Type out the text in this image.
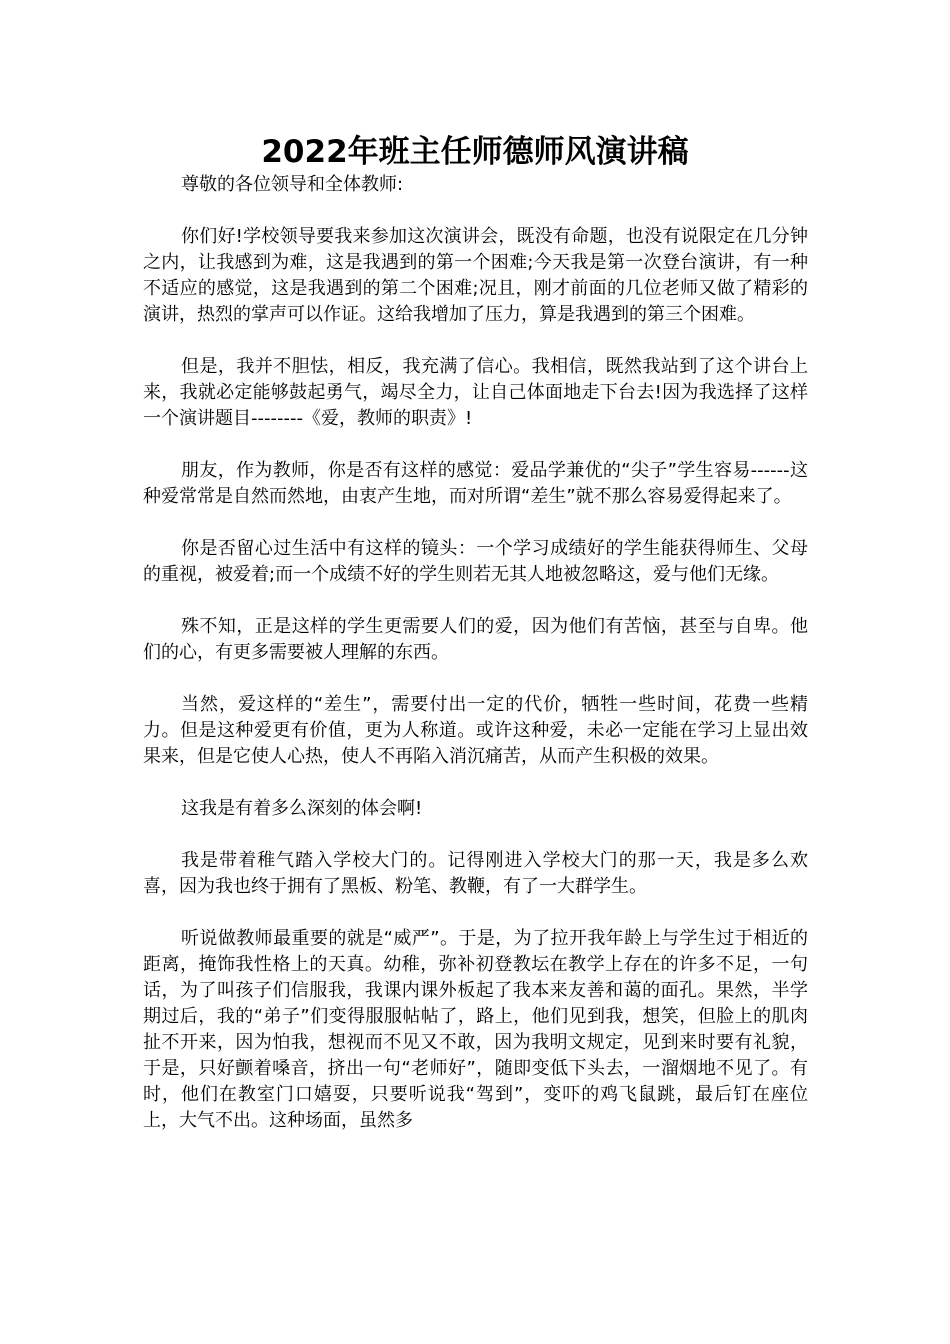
2022年班主任师德师风演讲稿

尊敬的各位领导和全体教师:

你们好!学校领导要我来参加这次演讲会，既没有命题，也没有说限定在几分钟之内，让我感到为难，这是我遇到的第一个困难;今天我是第一次登台演讲，有一种不适应的感觉，这是我遇到的第二个困难;况且，刚才前面的几位老师又做了精彩的演讲，热烈的掌声可以作证。这给我增加了压力，算是我遇到的第三个困难。

但是，我并不胆怯，相反，我充满了信心。我相信，既然我站到了这个讲台上来，我就必定能够鼓起勇气，竭尽全力，让自己体面地走下台去!因为我选择了这样一个演讲题目--------《爱，教师的职责》!

朋友，作为教师，你是否有这样的感觉：爱品学兼优的“尖子”学生容易------这种爱常常是自然而然地，由衷产生地，而对所谓“差生”就不那么容易爱得起来了。

你是否留心过生活中有这样的镜头：一个学习成绩好的学生能获得师生、父母的重视，被爱着;而一个成绩不好的学生则若无其人地被忽略这，爱与他们无缘。

殊不知，正是这样的学生更需要人们的爱，因为他们有苦恼，甚至与自卑。他们的心，有更多需要被人理解的东西。

当然，爱这样的“差生”，需要付出一定的代价，牺牲一些时间，花费一些精力。但是这种爱更有价值，更为人称道。或许这种爱，未必一定能在学习上显出效果来，但是它使人心热，使人不再陷入消沉痛苦，从而产生积极的效果。

这我是有着多么深刻的体会啊!

我是带着稚气踏入学校大门的。记得刚进入学校大门的那一天，我是多么欢喜，因为我也终于拥有了黑板、粉笔、教鞭，有了一大群学生。

听说做教师最重要的就是“威严”。于是，为了拉开我年龄上与学生过于相近的距离，掩饰我性格上的天真。幼稚，弥补初登教坛在教学上存在的许多不足，一句话，为了叫孩子们信服我，我课内课外板起了我本来友善和蔼的面孔。果然，半学期过后，我的“弟子”们变得服服帖帖了，路上，他们见到我，想笑，但脸上的肌肉扯不开来，因为怕我，想视而不见又不敢，因为我明文规定，见到来时要有礼貌，于是，只好颤着嗓音，挤出一句“老师好”，随即变低下头去，一溜烟地不见了。有时，他们在教室门口嬉耍，只要听说我“驾到”，变吓的鸡飞鼠跳，最后钉在座位上，大气不出。这种场面，虽然多
